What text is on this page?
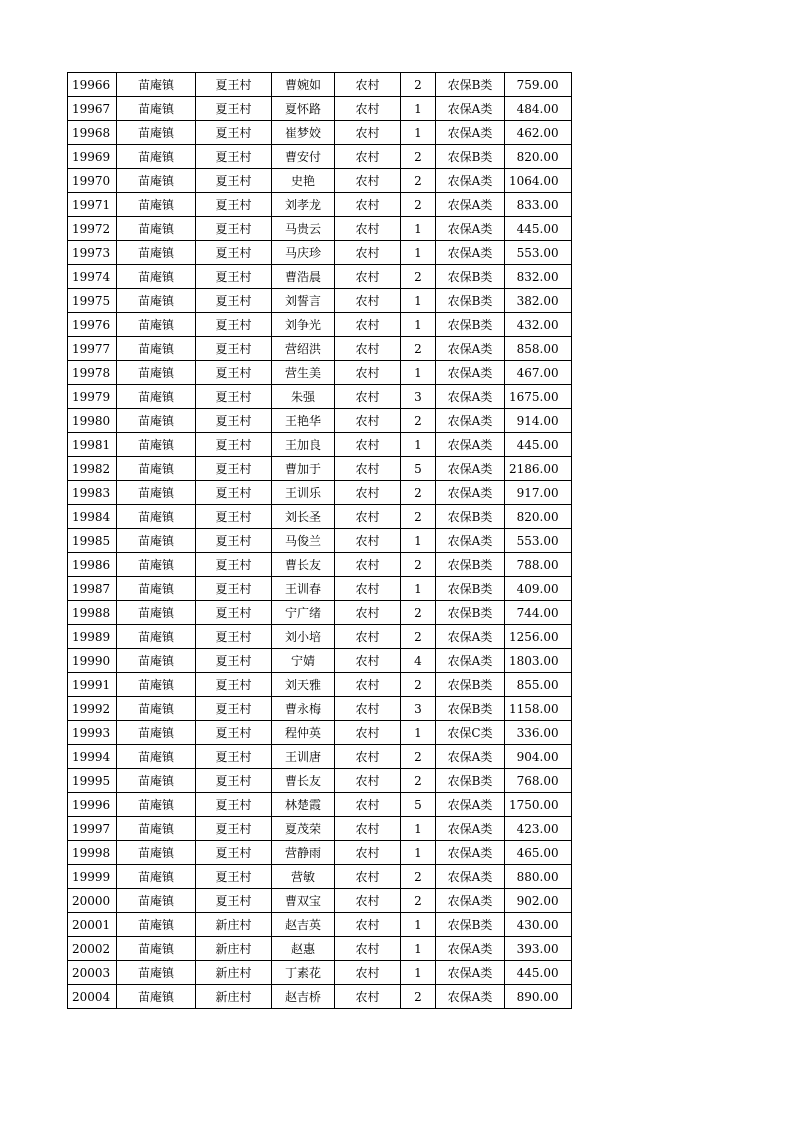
19966	苗庵镇	夏王村	曹婉如	农村	2	农保B类	759.00
19967	苗庵镇	夏王村	夏怀路	农村	1	农保A类	484.00
19968	苗庵镇	夏王村	崔梦姣	农村	1	农保A类	462.00
19969	苗庵镇	夏王村	曹安付	农村	2	农保B类	820.00
19970	苗庵镇	夏王村	史艳	农村	2	农保A类	1064.00
19971	苗庵镇	夏王村	刘孝龙	农村	2	农保A类	833.00
19972	苗庵镇	夏王村	马贵云	农村	1	农保A类	445.00
19973	苗庵镇	夏王村	马庆珍	农村	1	农保A类	553.00
19974	苗庵镇	夏王村	曹浩晨	农村	2	农保B类	832.00
19975	苗庵镇	夏王村	刘誓言	农村	1	农保B类	382.00
19976	苗庵镇	夏王村	刘争光	农村	1	农保B类	432.00
19977	苗庵镇	夏王村	营绍洪	农村	2	农保A类	858.00
19978	苗庵镇	夏王村	营生美	农村	1	农保A类	467.00
19979	苗庵镇	夏王村	朱强	农村	3	农保A类	1675.00
19980	苗庵镇	夏王村	王艳华	农村	2	农保A类	914.00
19981	苗庵镇	夏王村	王加良	农村	1	农保A类	445.00
19982	苗庵镇	夏王村	曹加于	农村	5	农保A类	2186.00
19983	苗庵镇	夏王村	王训乐	农村	2	农保A类	917.00
19984	苗庵镇	夏王村	刘长圣	农村	2	农保B类	820.00
19985	苗庵镇	夏王村	马俊兰	农村	1	农保A类	553.00
19986	苗庵镇	夏王村	曹长友	农村	2	农保B类	788.00
19987	苗庵镇	夏王村	王训春	农村	1	农保B类	409.00
19988	苗庵镇	夏王村	宁广绪	农村	2	农保B类	744.00
19989	苗庵镇	夏王村	刘小培	农村	2	农保A类	1256.00
19990	苗庵镇	夏王村	宁婧	农村	4	农保A类	1803.00
19991	苗庵镇	夏王村	刘天雅	农村	2	农保B类	855.00
19992	苗庵镇	夏王村	曹永梅	农村	3	农保B类	1158.00
19993	苗庵镇	夏王村	程仲英	农村	1	农保C类	336.00
19994	苗庵镇	夏王村	王训唐	农村	2	农保A类	904.00
19995	苗庵镇	夏王村	曹长友	农村	2	农保B类	768.00
19996	苗庵镇	夏王村	林楚霞	农村	5	农保A类	1750.00
19997	苗庵镇	夏王村	夏茂荣	农村	1	农保A类	423.00
19998	苗庵镇	夏王村	营静雨	农村	1	农保A类	465.00
19999	苗庵镇	夏王村	营敏	农村	2	农保A类	880.00
20000	苗庵镇	夏王村	曹双宝	农村	2	农保A类	902.00
20001	苗庵镇	新庄村	赵吉英	农村	1	农保B类	430.00
20002	苗庵镇	新庄村	赵惠	农村	1	农保A类	393.00
20003	苗庵镇	新庄村	丁素花	农村	1	农保A类	445.00
20004	苗庵镇	新庄村	赵吉桥	农村	2	农保A类	890.00
